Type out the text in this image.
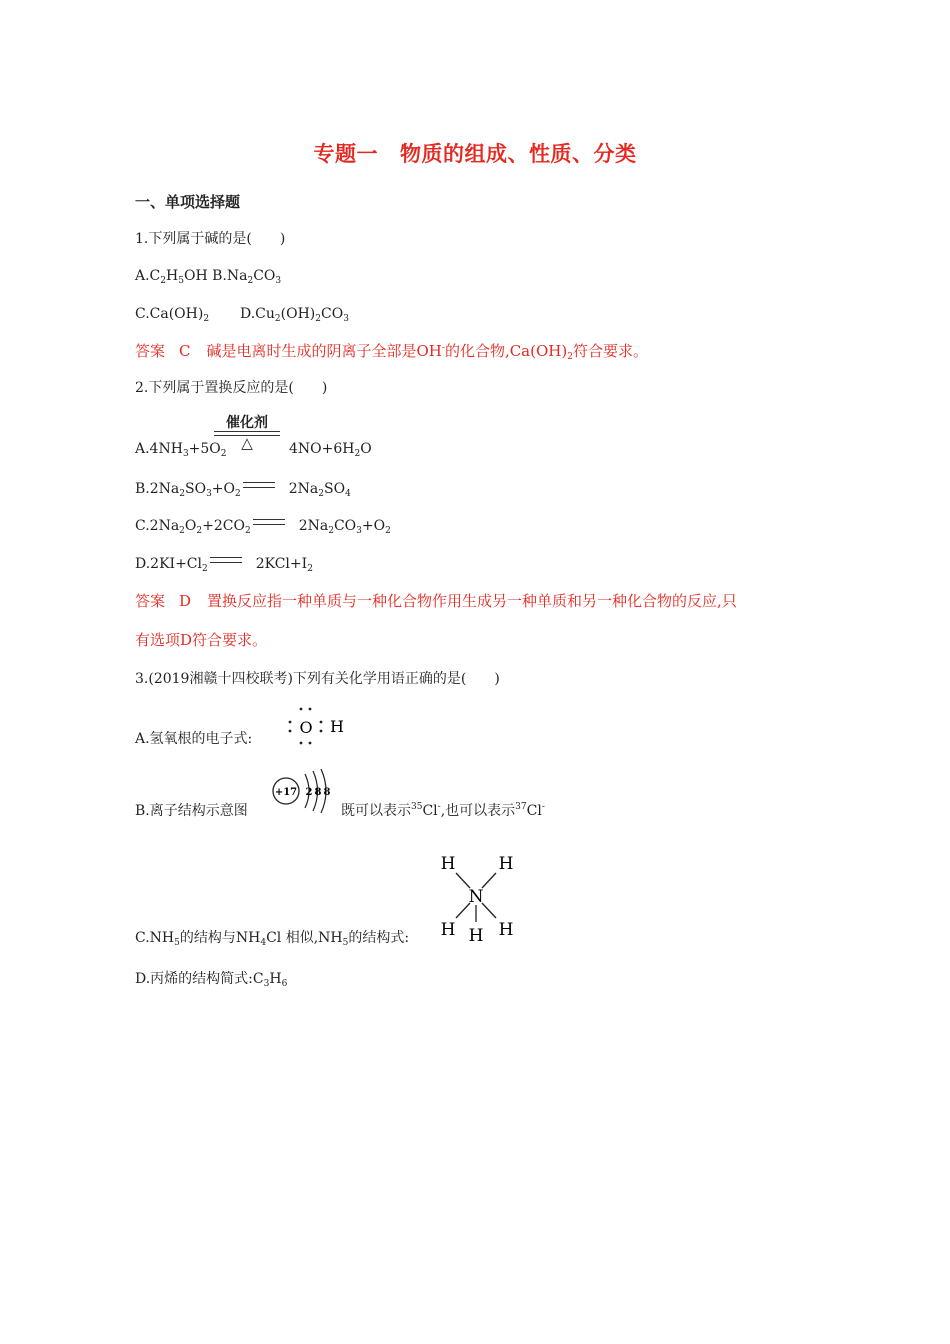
专题一 物质的组成、性质、分类
一、单项选择题
1.下列属于碱的是(　　)
$A.C_2H_5OH$ $B.Na_2CO_3$
$C.Ca(OH)_2$ $D.Cu_2(OH)_2CO_3$
答案 C 碱是电离时生成的阴离子全部是OH-的化合物$,Ca(OH)_2$符合要求。
2.下列属于置换反应的是(　　)
催化剂
△
$A.4NH_3+5O_2$	$4NO+6H_2O$
$B.2Na_2SO_3+O_2$	$2Na_2SO_4$
$C.2Na_2O_2+2CO_2$	$2Na_2CO_3+O_2$
$D.2KI+Cl_2$	$2KCl+I_2$
答案 D 置换反应指一种单质与一种化合物作用生成另一种单质和另一种化合物的反应,只
有选项D符合要求。
3.(2019湘赣十四校联考)下列有关化学用语正确的是(　　)
A.氢氧根的电子式:
O H
B.离子结构示意图
+17 2 8 8
既可以表示$^{35}$Cl-,也可以表示$^{37}$Cl-
N
H	H
H H H
$C.NH_5$的结构与$NH_4Cl$ 相似$,NH_5$的结构式:
D.丙烯的结构简式$:C_3H_6$
